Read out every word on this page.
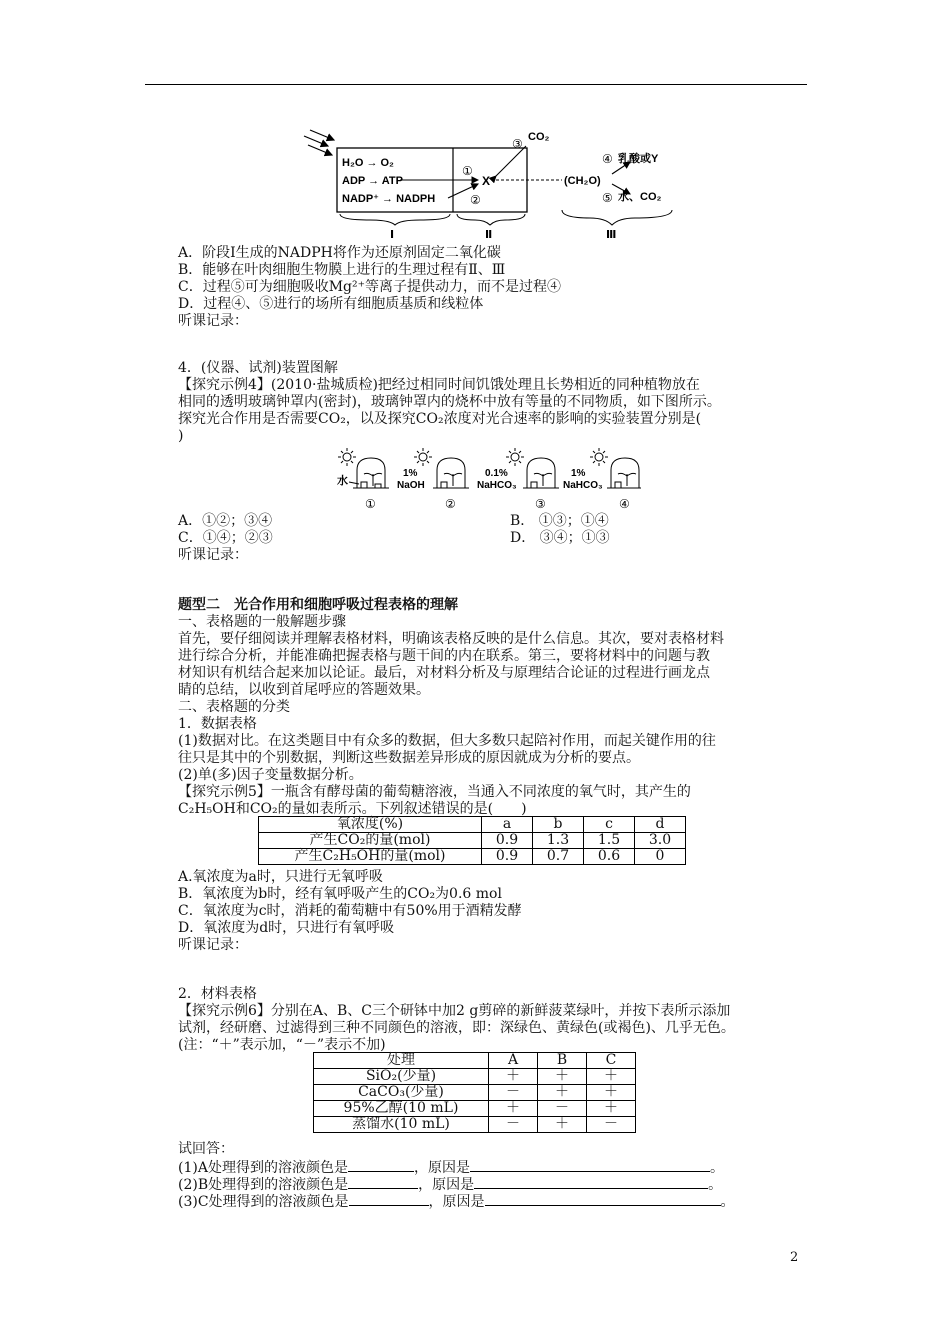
H₂O → O₂
ADP → ATP
NADP⁺ → NADPH
①
②
X
③ CO₂
(CH₂O)
④
⑤
乳酸或Y
水、CO₂
Ⅰ	Ⅱ	Ⅲ
A．阶段Ⅰ生成的NADPH将作为还原剂固定二氧化碳
B．能够在叶肉细胞生物膜上进行的生理过程有Ⅱ、Ⅲ
C．过程⑤可为细胞吸收Mg²⁺等离子提供动力，而不是过程④
D．过程④、⑤进行的场所有细胞质基质和线粒体
听课记录：
4．(仪器、试剂)装置图解
【探究示例4】(2010·盐城质检)把经过相同时间饥饿处理且长势相近的同种植物放在
相同的透明玻璃钟罩内(密封)，玻璃钟罩内的烧杯中放有等量的不同物质，如下图所示。
探究光合作用是否需要CO₂，以及探究CO₂浓度对光合速率的影响的实验装置分别是(
)
水
1%
NaOH
0.1%
NaHCO₃
1%
NaHCO₃
①	②	③	④
A．①②；③④	B． ①③；①④
C．①④；②③	D． ③④；①③
听课记录：
题型二　光合作用和细胞呼吸过程表格的理解
一、表格题的一般解题步骤
首先，要仔细阅读并理解表格材料，明确该表格反映的是什么信息。其次，要对表格材料
进行综合分析，并能准确把握表格与题干间的内在联系。第三，要将材料中的问题与教
材知识有机结合起来加以论证。最后，对材料分析及与原理结合论证的过程进行画龙点
睛的总结，以收到首尾呼应的答题效果。
二、表格题的分类
1．数据表格
(1)数据对比。在这类题目中有众多的数据，但大多数只起陪衬作用，而起关键作用的往
往只是其中的个别数据，判断这些数据差异形成的原因就成为分析的要点。
(2)单(多)因子变量数据分析。
【探究示例5】一瓶含有酵母菌的葡萄糖溶液，当通入不同浓度的氧气时，其产生的
C₂H₅OH和CO₂的量如表所示。下列叙述错误的是(　　)
氧浓度(%)	a	b	c	d
产生CO₂的量(mol)	0.9	1.3	1.5	3.0
产生C₂H₅OH的量(mol)	0.9	0.7	0.6	0
A.氧浓度为a时，只进行无氧呼吸
B．氧浓度为b时，经有氧呼吸产生的CO₂为0.6 mol
C．氧浓度为c时，消耗的葡萄糖中有50%用于酒精发酵
D．氧浓度为d时，只进行有氧呼吸
听课记录：
2．材料表格
【探究示例6】分别在A、B、C三个研钵中加2 g剪碎的新鲜菠菜绿叶，并按下表所示添加
试剂，经研磨、过滤得到三种不同颜色的溶液，即：深绿色、黄绿色(或褐色)、几乎无色。
(注：“＋”表示加，“－”表示不加)
处理	A	B	C
SiO₂(少量)	＋	＋	＋
CaCO₃(少量)	－	＋	＋
95%乙醇(10 mL)	＋	－	＋
蒸馏水(10 mL)	－	＋	－
试回答：
(1)A处理得到的溶液颜色是	，原因是	。
(2)B处理得到的溶液颜色是	，原因是	。
(3)C处理得到的溶液颜色是	，原因是	。
2
